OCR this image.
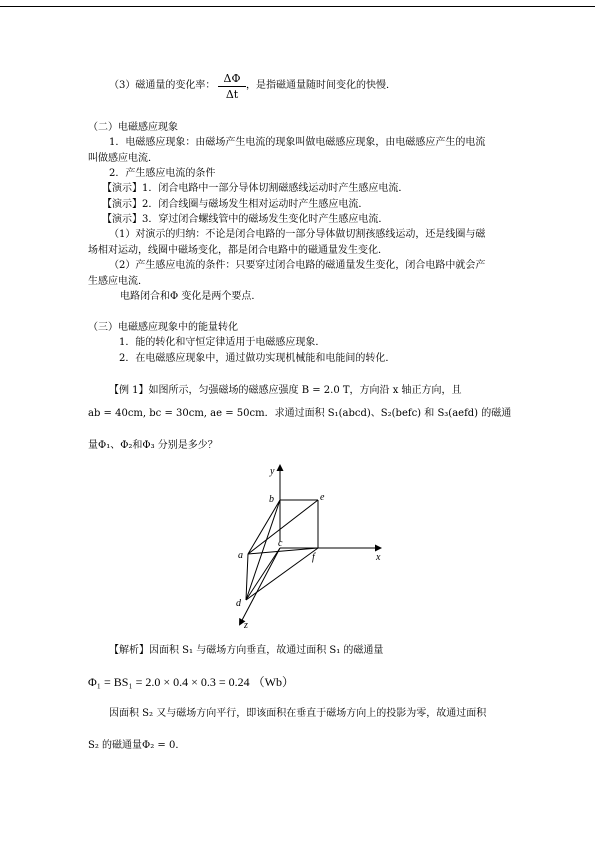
（3）磁通量的变化率： $\frac{\Delta\Phi}{\Delta t}$ ，是指磁通量随时间变化的快慢．
（二）电磁感应现象
1．电磁感应现象：由磁场产生电流的现象叫做电磁感应现象，由电磁感应产生的电流
叫做感应电流．
2．产生感应电流的条件
【演示】1．闭合电路中一部分导体切割磁感线运动时产生感应电流．
【演示】2．闭合线圈与磁场发生相对运动时产生感应电流．
【演示】3．穿过闭合螺线管中的磁场发生变化时产生感应电流．
（1）对演示的归纳：不论是闭合电路的一部分导体做切割孩感线运动，还是线圈与磁
场相对运动，线圈中磁场变化，都是闭合电路中的磁通量发生变化．
（2）产生感应电流的条件：只要穿过闭合电路的磁通量发生变化，闭合电路中就会产
生感应电流．
电路闭合和Φ 变化是两个要点．
（三）电磁感应现象中的能量转化
1．能的转化和守恒定律适用于电磁感应现象．
2．在电磁感应现象中，通过做功实现机械能和电能间的转化．
【例 1】如图所示，匀强磁场的磁感应强度 B = 2.0 T，方向沿 x 轴正方向，且
ab = 40cm, bc = 30cm, ae = 50cm．求通过面积 S₁(abcd)、S₂(befc) 和 S₃(aefd) 的磁通
量Φ₁、Φ₂和Φ₃ 分别是多少？
y
x
z
a
b
c
d
e
f
【解析】因面积 S₁ 与磁场方向垂直，故通过面积 S₁ 的磁通量
Φ₁ = BS₁ = 2.0 × 0.4 × 0.3 = 0.24 （Wb）
因面积 S₂ 又与磁场方向平行，即该面积在垂直于磁场方向上的投影为零，故通过面积
S₂ 的磁通量Φ₂ = 0．
